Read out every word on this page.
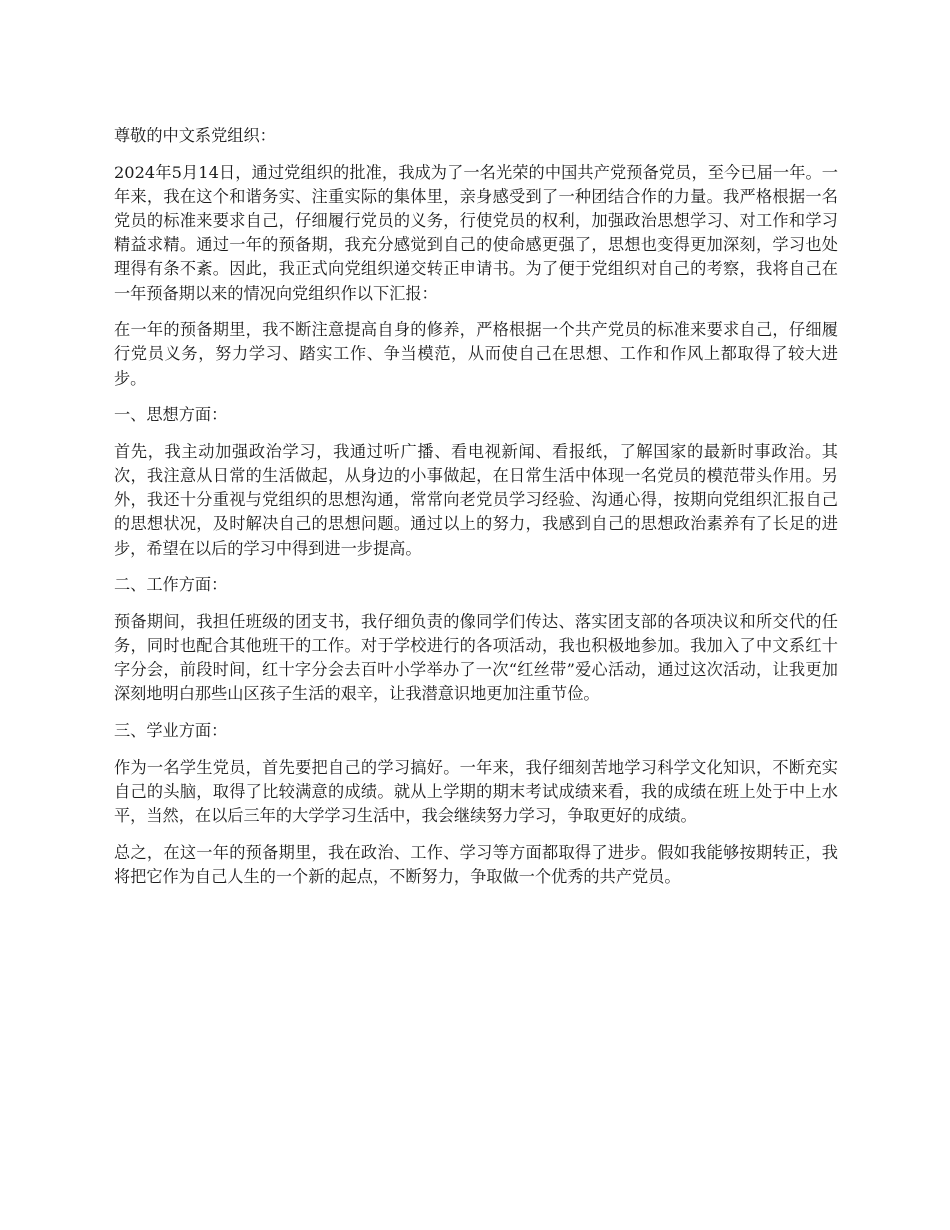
尊敬的中文系党组织：

2024年5月14日，通过党组织的批准，我成为了一名光荣的中国共产党预备党员，至今已届一年。一年来，我在这个和谐务实、注重实际的集体里，亲身感受到了一种团结合作的力量。我严格根据一名党员的标准来要求自己，仔细履行党员的义务，行使党员的权利，加强政治思想学习、对工作和学习精益求精。通过一年的预备期，我充分感觉到自己的使命感更强了，思想也变得更加深刻，学习也处理得有条不紊。因此，我正式向党组织递交转正申请书。为了便于党组织对自己的考察，我将自己在一年预备期以来的情况向党组织作以下汇报：

在一年的预备期里，我不断注意提高自身的修养，严格根据一个共产党员的标准来要求自己，仔细履行党员义务，努力学习、踏实工作、争当模范，从而使自己在思想、工作和作风上都取得了较大进步。

一、思想方面：

首先，我主动加强政治学习，我通过听广播、看电视新闻、看报纸，了解国家的最新时事政治。其次，我注意从日常的生活做起，从身边的小事做起，在日常生活中体现一名党员的模范带头作用。另外，我还十分重视与党组织的思想沟通，常常向老党员学习经验、沟通心得，按期向党组织汇报自己的思想状况，及时解决自己的思想问题。通过以上的努力，我感到自己的思想政治素养有了长足的进步，希望在以后的学习中得到进一步提高。

二、工作方面：

预备期间，我担任班级的团支书，我仔细负责的像同学们传达、落实团支部的各项决议和所交代的任务，同时也配合其他班干的工作。对于学校进行的各项活动，我也积极地参加。我加入了中文系红十字分会，前段时间，红十字分会去百叶小学举办了一次“红丝带”爱心活动，通过这次活动，让我更加深刻地明白那些山区孩子生活的艰辛，让我潜意识地更加注重节俭。

三、学业方面：

作为一名学生党员，首先要把自己的学习搞好。一年来，我仔细刻苦地学习科学文化知识，不断充实自己的头脑，取得了比较满意的成绩。就从上学期的期末考试成绩来看，我的成绩在班上处于中上水平，当然，在以后三年的大学学习生活中，我会继续努力学习，争取更好的成绩。

总之，在这一年的预备期里，我在政治、工作、学习等方面都取得了进步。假如我能够按期转正，我将把它作为自己人生的一个新的起点，不断努力，争取做一个优秀的共产党员。
